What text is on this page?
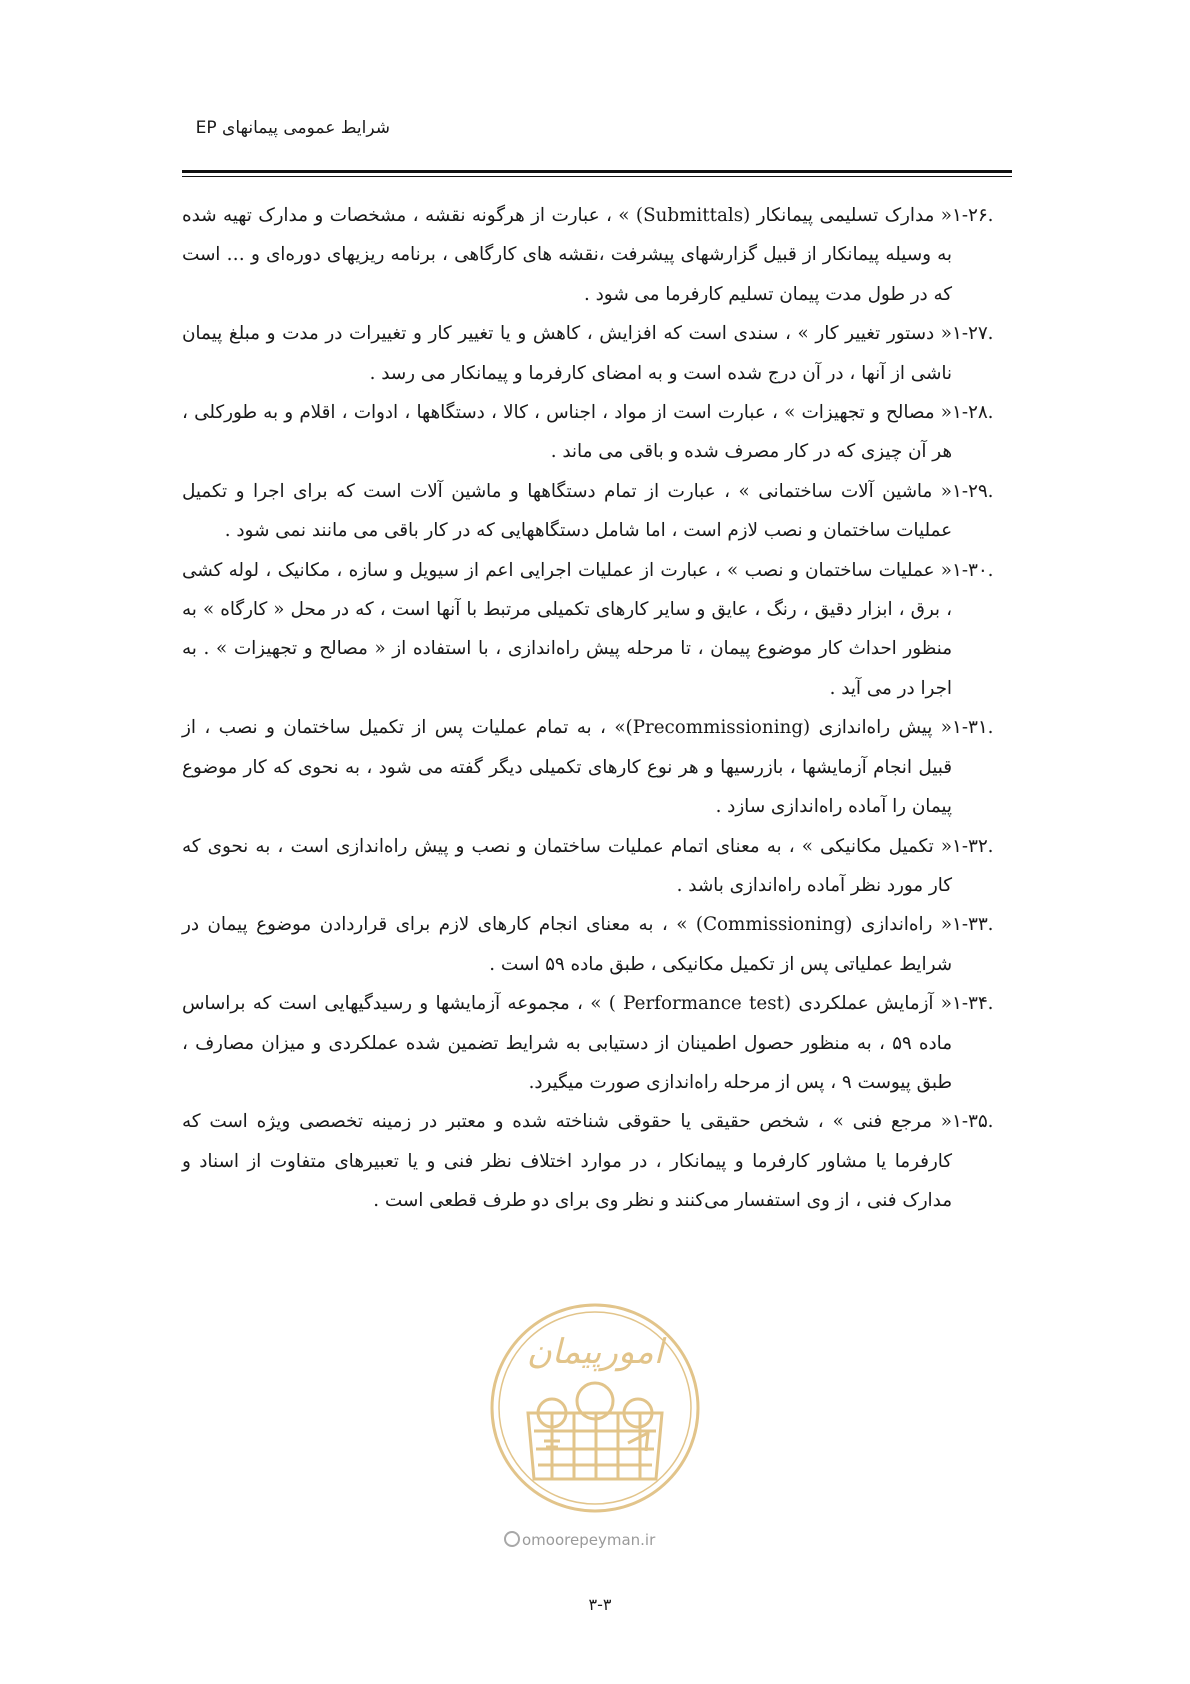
شرایط عمومی پیمانهای EP
۱-۲۶.
« مدارک تسلیمی پیمانکار (Submittals) » ، عبارت از هرگونه نقشه ، مشخصات و مدارک تهیه شده به وسیله پیمانکار از قبیل گزارشهای پیشرفت ،نقشه های کارگاهی ، برنامه ریزیهای دوره‌ای و … است که در طول مدت پیمان تسلیم کارفرما می شود .
۱-۲۷.
« دستور تغییر کار » ، سندی است که افزایش ، کاهش و یا تغییر کار و تغییرات در مدت و مبلغ پیمان ناشی از آنها ، در آن درج شده است و به امضای کارفرما و پیمانکار می رسد .
۱-۲۸.
« مصالح و تجهیزات » ، عبارت است از مواد ، اجناس ، کالا ، دستگاهها ، ادوات ، اقلام و به طورکلی ، هر آن چیزی که در کار مصرف شده و باقی می ماند .
۱-۲۹.
« ماشین آلات ساختمانی » ، عبارت از تمام دستگاهها و ماشین آلات است که برای اجرا و تکمیل عملیات ساختمان و نصب لازم است ، اما شامل دستگاههایی که در کار باقی می مانند نمی شود .
۱-۳۰.
« عملیات ساختمان و نصب » ، عبارت از عملیات اجرایی اعم از سیویل و سازه ، مکانیک ، لوله کشی ، برق ، ابزار دقیق ، رنگ ، عایق و سایر کارهای تکمیلی مرتبط با آنها است ، که در محل « کارگاه » به منظور احداث کار موضوع پیمان ، تا مرحله پیش راه‌اندازی ، با استفاده از « مصالح و تجهیزات » . به اجرا در می آید .
۱-۳۱.
« پیش راه‌اندازی (Precommissioning)» ، به تمام عملیات پس از تکمیل ساختمان و نصب ، از قبیل انجام آزمایشها ، بازرسیها و هر نوع کارهای تکمیلی دیگر گفته می شود ، به نحوی که کار موضوع پیمان را آماده راه‌اندازی سازد .
۱-۳۲.
« تکمیل مکانیکی » ، به معنای اتمام عملیات ساختمان و نصب و پیش راه‌اندازی است ، به نحوی که کار مورد نظر آماده راه‌اندازی باشد .
۱-۳۳.
« راه‌اندازی (Commissioning) » ، به معنای انجام کارهای لازم برای قراردادن موضوع پیمان در شرایط عملیاتی پس از تکمیل مکانیکی ، طبق ماده ۵۹ است .
۱-۳۴.
« آزمایش عملکردی (Performance test ) » ، مجموعه آزمایشها و رسیدگیهایی است که براساس ماده ۵۹ ، به منظور حصول اطمینان از دستیابی به شرایط تضمین شده عملکردی و میزان مصارف ، طبق پیوست ۹ ، پس از مرحله راه‌اندازی صورت میگیرد.
۱-۳۵.
« مرجع فنی » ، شخص حقیقی یا حقوقی شناخته شده و معتبر در زمینه تخصصی ویژه است که کارفرما یا مشاور کارفرما و پیمانکار ، در موارد اختلاف نظر فنی و یا تعبیرهای متفاوت از اسناد و مدارک فنی ، از وی استفسار می‌کنند و نظر وی برای دو طرف قطعی است .
امورپیمان
omoorepeyman.ir
۳-۳
